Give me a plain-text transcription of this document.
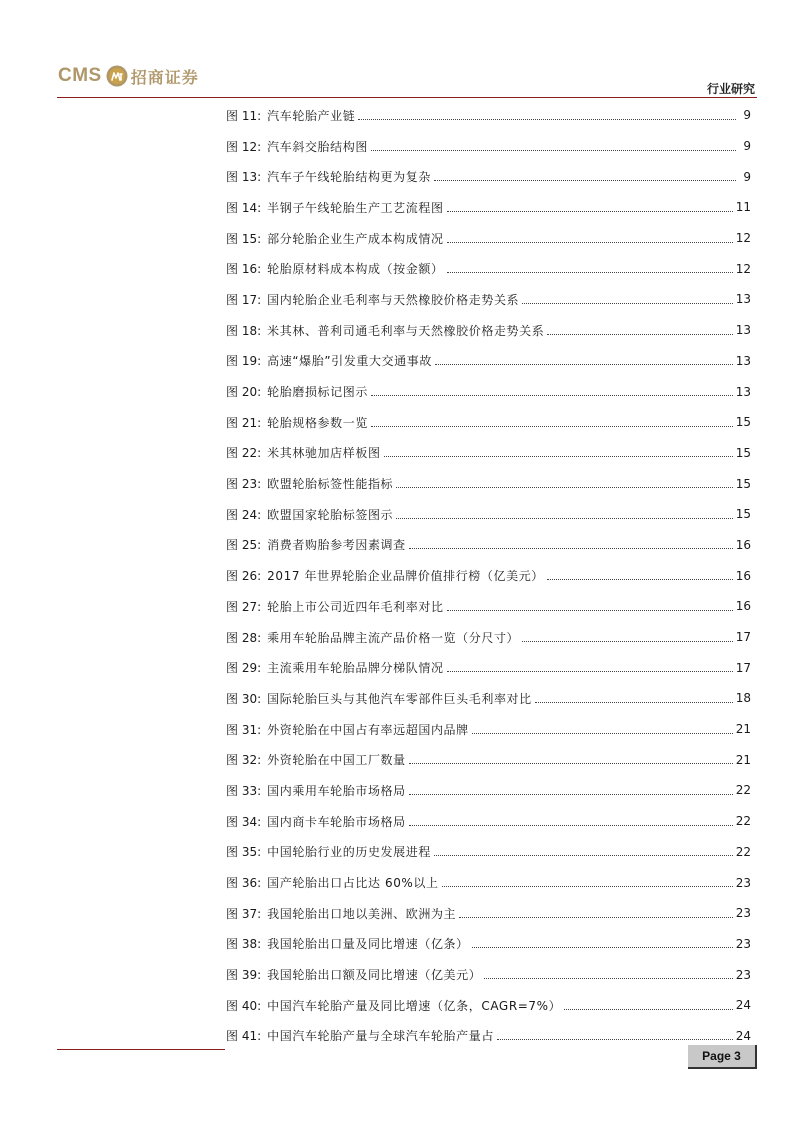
CMS 招商证券
行业研究
图 11: 汽车轮胎产业链	9
图 12: 汽车斜交胎结构图	9
图 13: 汽车子午线轮胎结构更为复杂	9
图 14: 半钢子午线轮胎生产工艺流程图	11
图 15: 部分轮胎企业生产成本构成情况	12
图 16: 轮胎原材料成本构成（按金额）	12
图 17: 国内轮胎企业毛利率与天然橡胶价格走势关系	13
图 18: 米其林、普利司通毛利率与天然橡胶价格走势关系	13
图 19: 高速“爆胎”引发重大交通事故	13
图 20: 轮胎磨损标记图示	13
图 21: 轮胎规格参数一览	15
图 22: 米其林驰加店样板图	15
图 23: 欧盟轮胎标签性能指标	15
图 24: 欧盟国家轮胎标签图示	15
图 25: 消费者购胎参考因素调查	16
图 26: 2017 年世界轮胎企业品牌价值排行榜（亿美元）	16
图 27: 轮胎上市公司近四年毛利率对比	16
图 28: 乘用车轮胎品牌主流产品价格一览（分尺寸）	17
图 29: 主流乘用车轮胎品牌分梯队情况	17
图 30: 国际轮胎巨头与其他汽车零部件巨头毛利率对比	18
图 31: 外资轮胎在中国占有率远超国内品牌	21
图 32: 外资轮胎在中国工厂数量	21
图 33: 国内乘用车轮胎市场格局	22
图 34: 国内商卡车轮胎市场格局	22
图 35: 中国轮胎行业的历史发展进程	22
图 36: 国产轮胎出口占比达 60%以上	23
图 37: 我国轮胎出口地以美洲、欧洲为主	23
图 38: 我国轮胎出口量及同比增速（亿条）	23
图 39: 我国轮胎出口额及同比增速（亿美元）	23
图 40: 中国汽车轮胎产量及同比增速（亿条，CAGR=7%）	24
图 41: 中国汽车轮胎产量与全球汽车轮胎产量占	24
Page 3
